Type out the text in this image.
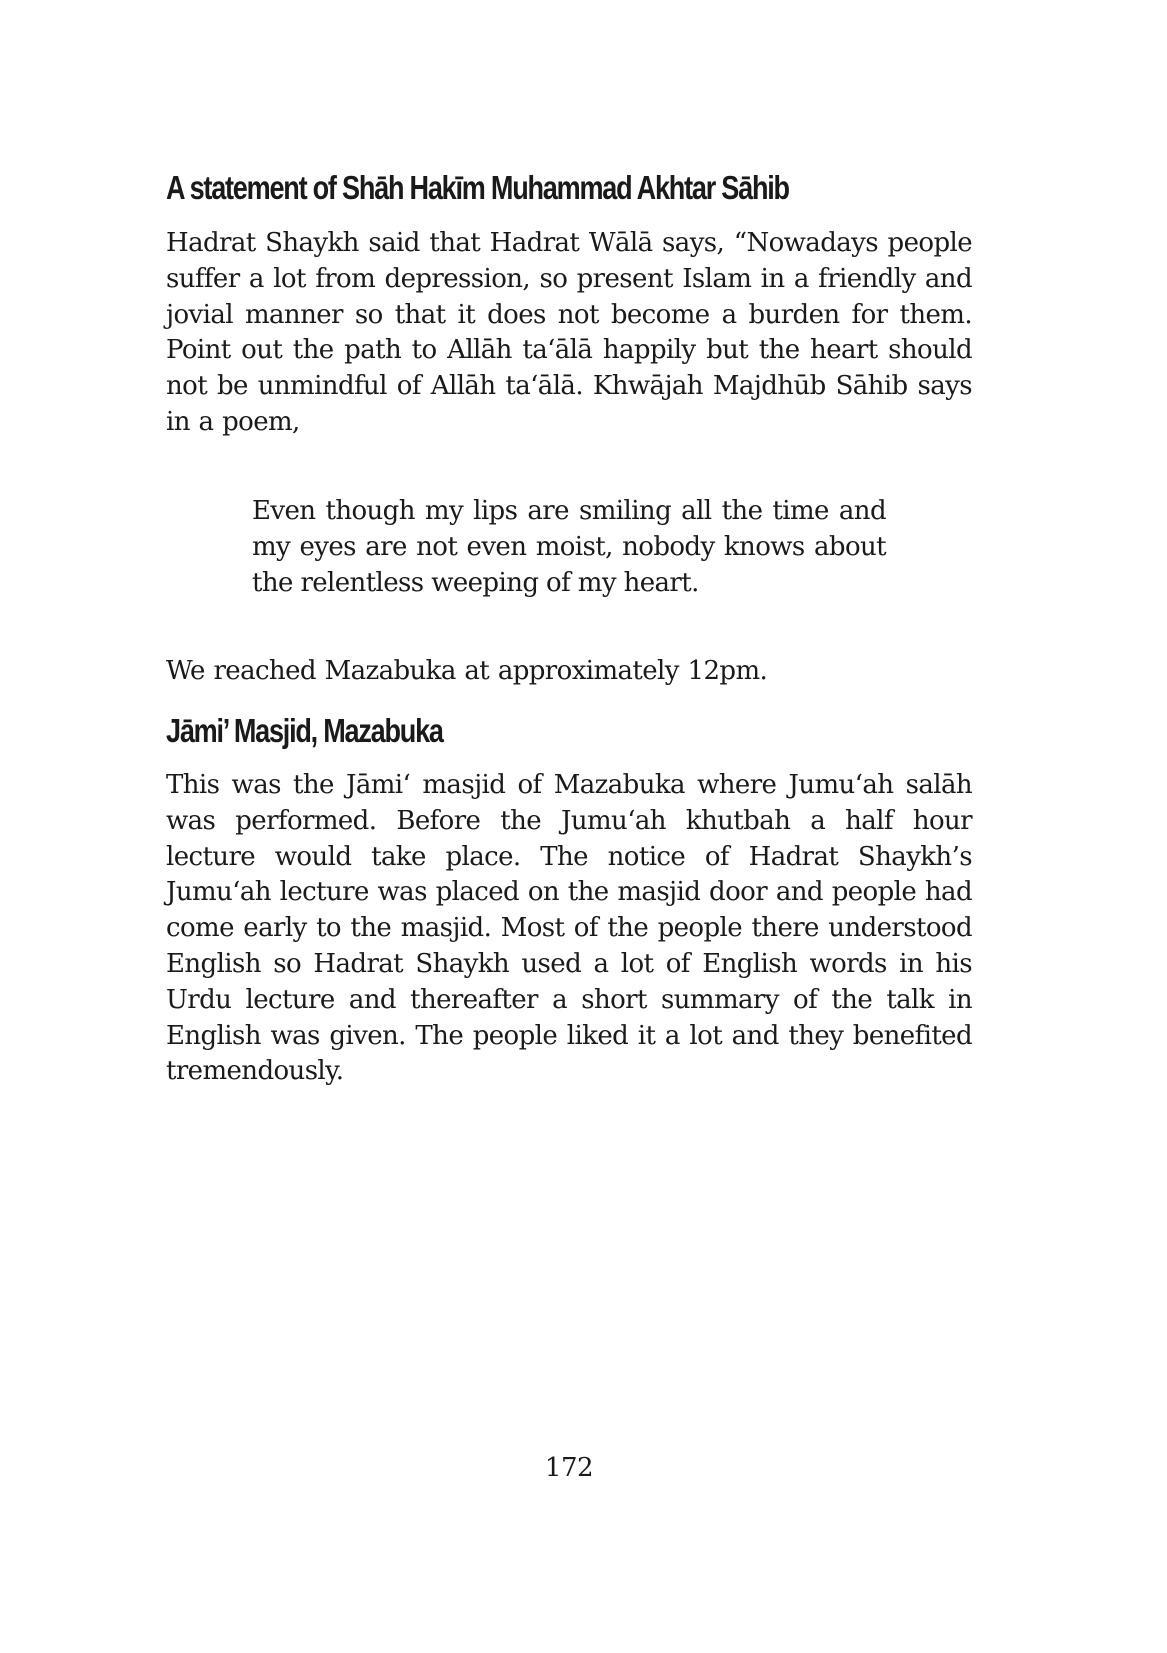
A statement of Shāh Hakīm Muhammad Akhtar Sāhib

Hadrat Shaykh said that Hadrat Wālā says, “Nowadays people suffer a lot from depression, so present Islam in a friendly and jovial manner so that it does not become a burden for them. Point out the path to Allāh ta‘ālā happily but the heart should not be unmindful of Allāh ta‘ālā. Khwājah Majdhūb Sāhib says in a poem,

Even though my lips are smiling all the time and my eyes are not even moist, nobody knows about the relentless weeping of my heart.

We reached Mazabuka at approximately 12pm.

Jāmi’ Masjid, Mazabuka

This was the Jāmi‘ masjid of Mazabuka where Jumu‘ah salāh was performed. Before the Jumu‘ah khutbah a half hour lecture would take place. The notice of Hadrat Shaykh’s Jumu‘ah lecture was placed on the masjid door and people had come early to the masjid. Most of the people there understood English so Hadrat Shaykh used a lot of English words in his Urdu lecture and thereafter a short summary of the talk in English was given. The people liked it a lot and they benefited tremendously.

172
